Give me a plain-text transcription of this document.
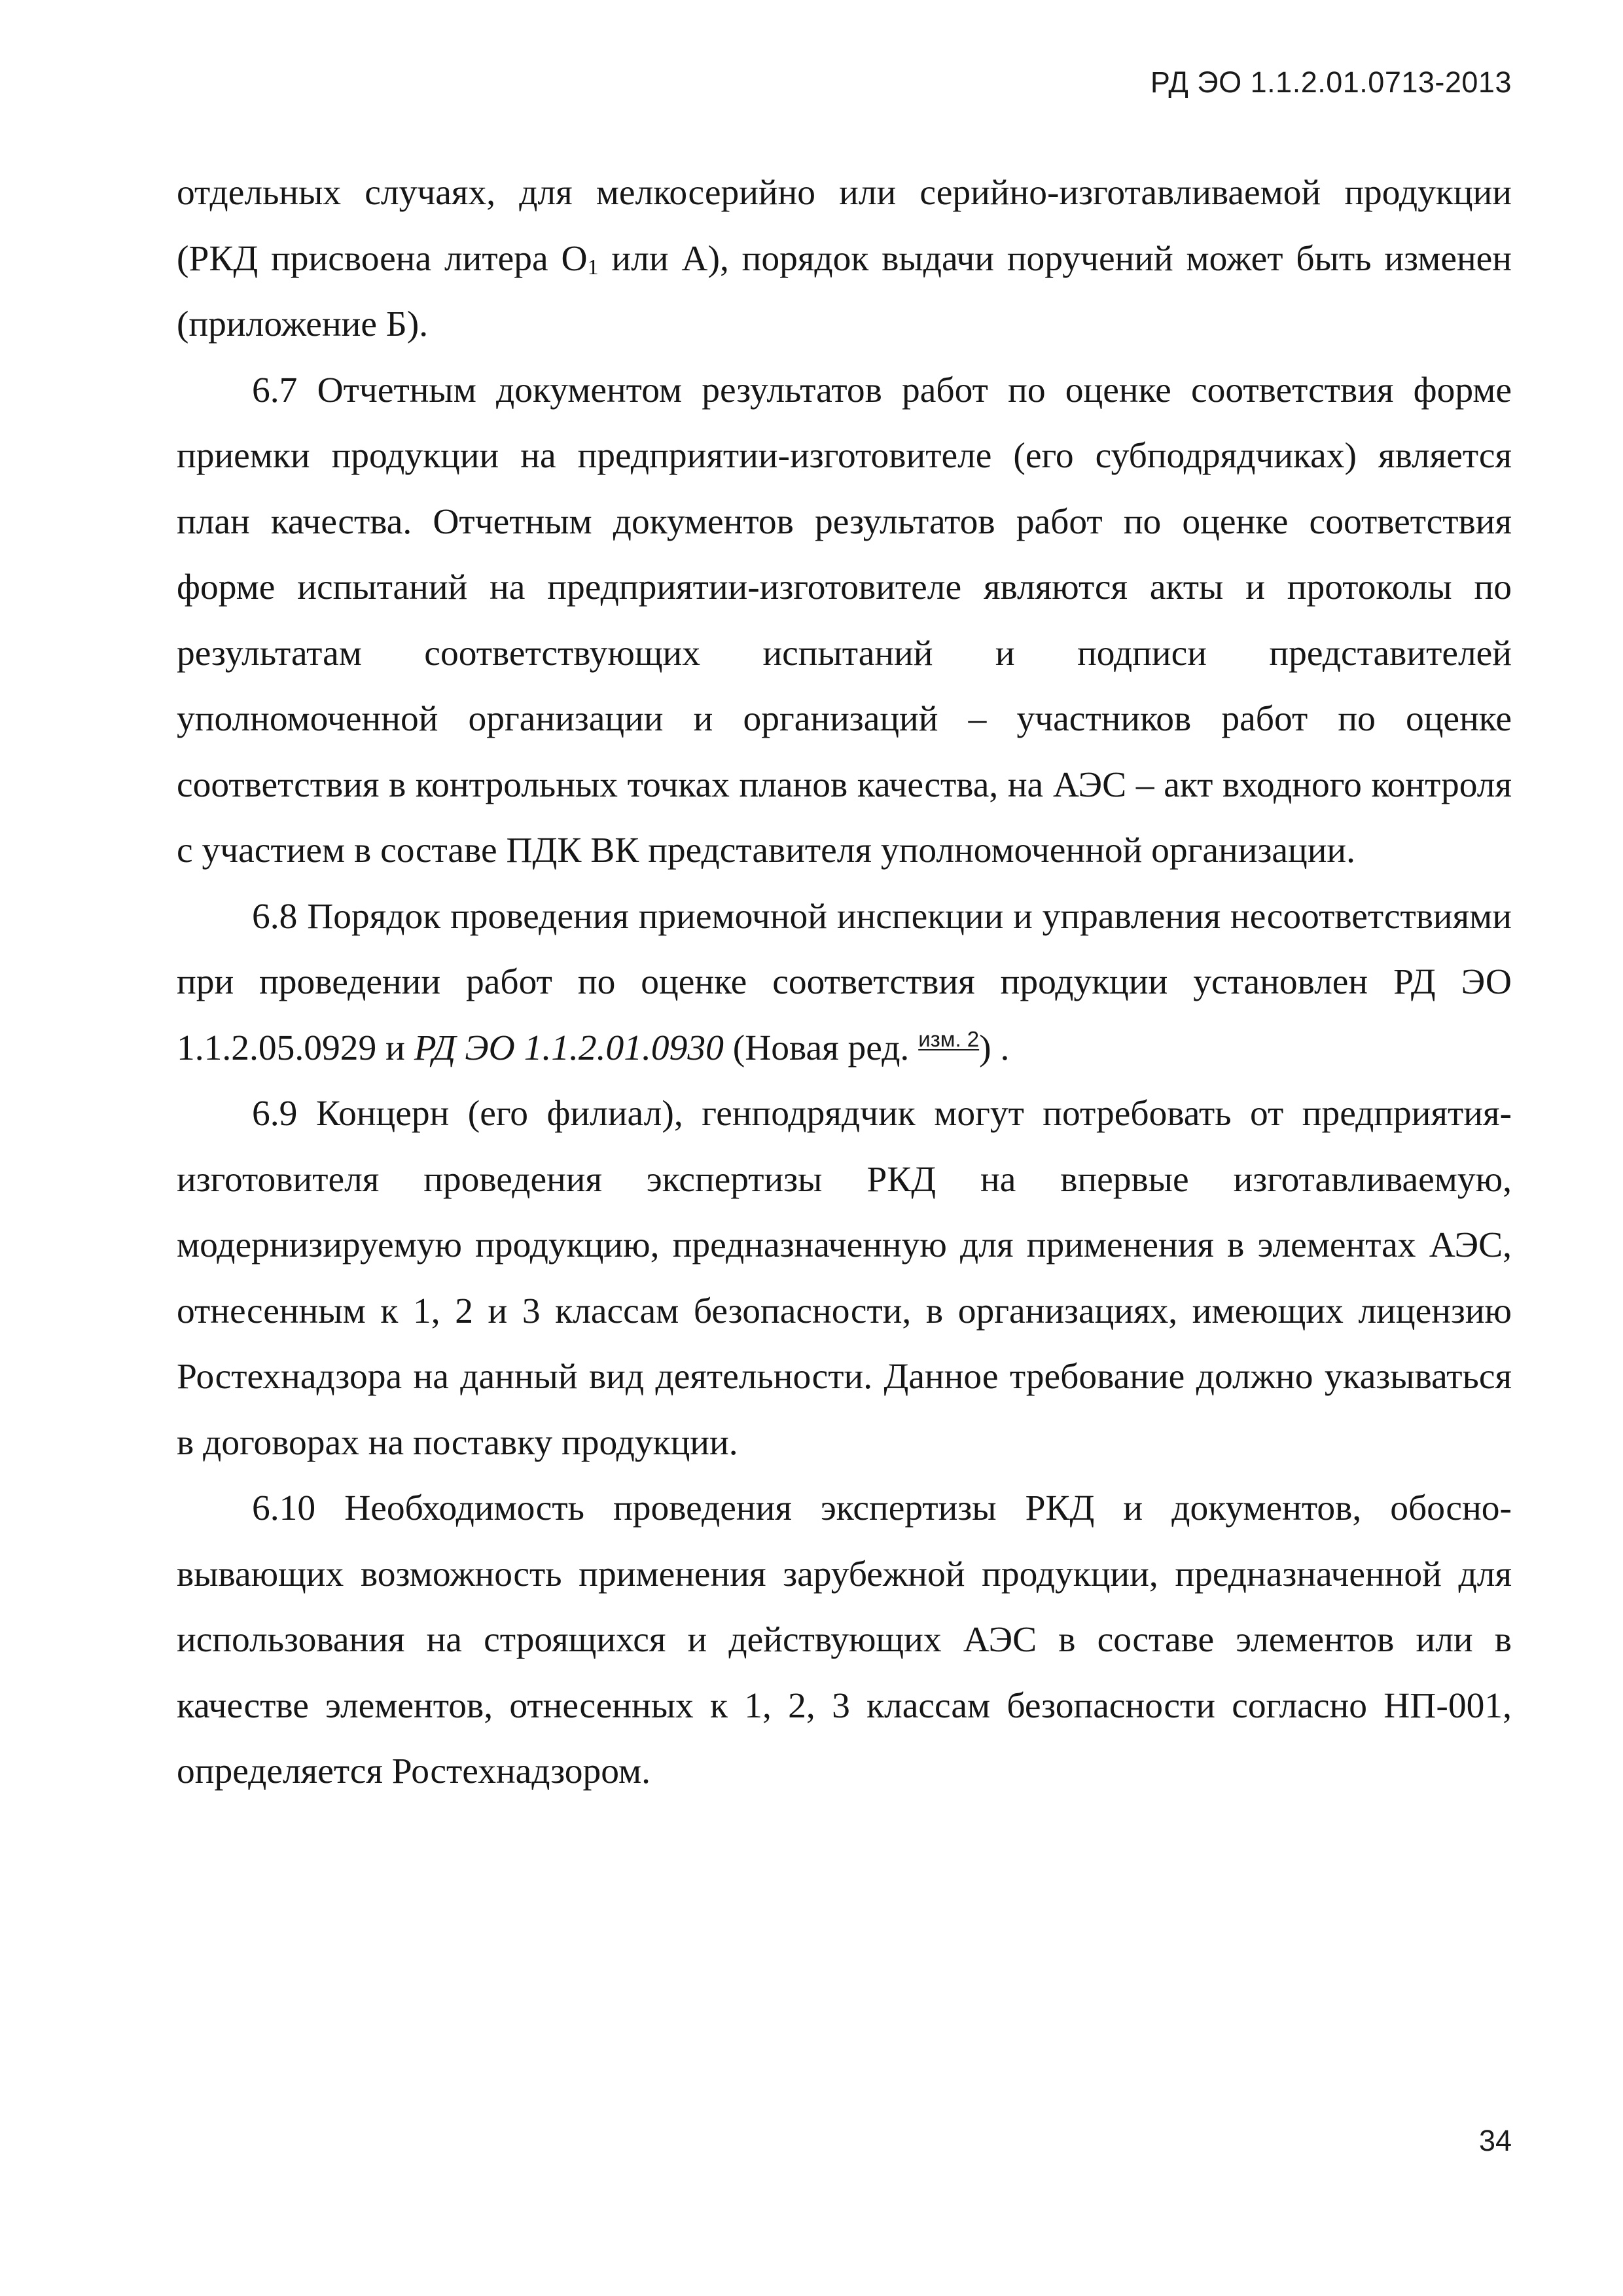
РД ЭО 1.1.2.01.0713-2013

отдельных случаях, для мелкосерийно или серийно-изготавливаемой продукции (РКД присвоена литера $О_1$ или А), порядок выдачи поручений может быть изменен (приложение Б).

6.7 Отчетным документом результатов работ по оценке соответствия форме приемки продукции на предприятии-изготовителе (его субподрядчиках) является план качества. Отчетным документов результатов работ по оценке соответствия форме испытаний на предприятии-изготовителе являются акты и протоколы по результатам соответствующих испытаний и подписи представителей уполномоченной организации и организаций – участников работ по оценке соответствия в контрольных точках планов качества, на АЭС – акт входного контроля с участием в составе ПДК ВК представителя уполномоченной организации.

6.8 Порядок проведения приемочной инспекции и управления несоответствиями при проведении работ по оценке соответствия продукции установлен РД ЭО 1.1.2.05.0929 и РД ЭО 1.1.2.01.0930 (Новая ред. $^{изм. 2}$) .

6.9 Концерн (его филиал), генподрядчик могут потребовать от предприятия-изготовителя проведения экспертизы РКД на впервые изготавливаемую, модернизируемую продукцию, предназначенную для применения в элементах АЭС, отнесенным к 1, 2 и 3 классам безопасности, в организациях, имеющих лицензию Ростехнадзора на данный вид деятельности. Данное требование должно указываться в договорах на поставку продукции.

6.10 Необходимость проведения экспертизы РКД и документов, обосновывающих возможность применения зарубежной продукции, предназначенной для использования на строящихся и действующих АЭС в составе элементов или в качестве элементов, отнесенных к 1, 2, 3 классам безопасности согласно НП-001, определяется Ростехнадзором.

34
